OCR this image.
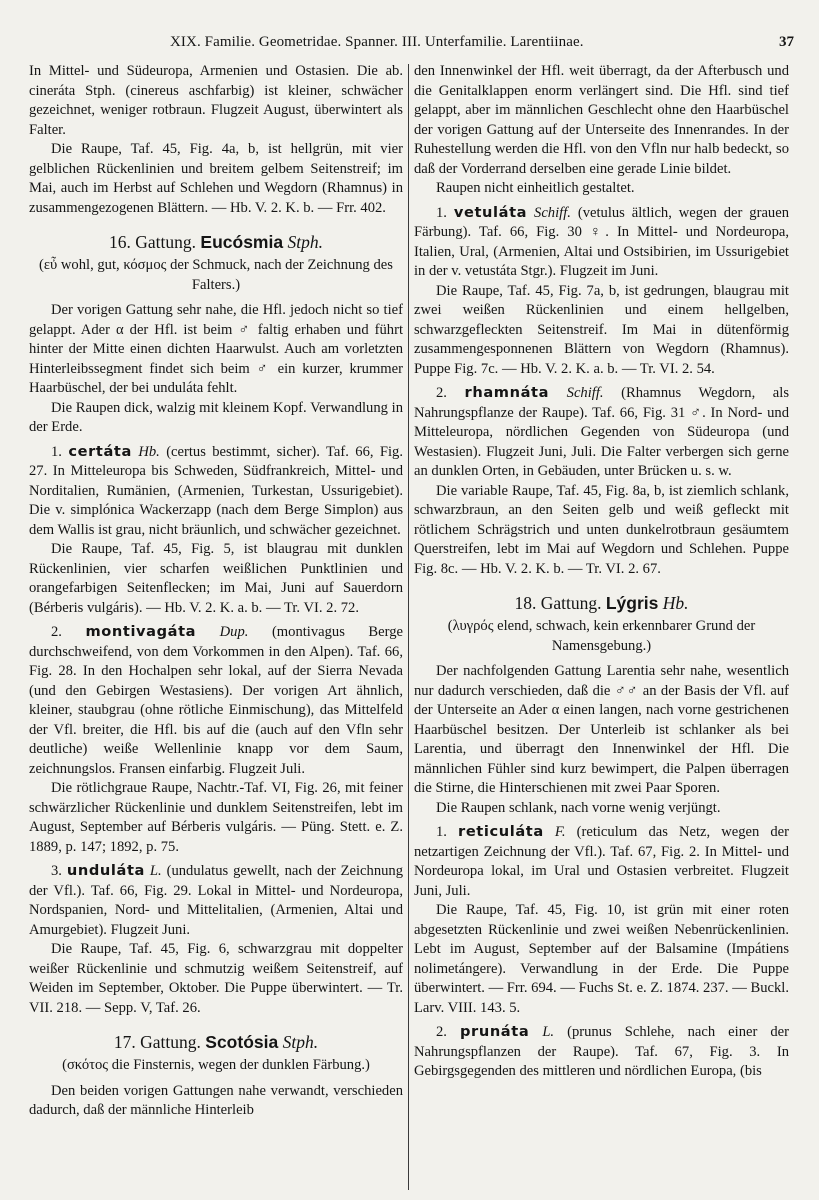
XIX. Familie. Geometridae. Spanner. III. Unterfamilie. Larentiinae.	37

In Mittel- und Südeuropa, Armenien und Ostasien. Die ab. cineráta Stph. (cinereus aschfarbig) ist kleiner, schwächer gezeichnet, weniger rotbraun. Flugzeit August, überwintert als Falter.

Die Raupe, Taf. 45, Fig. 4a, b, ist hellgrün, mit vier gelblichen Rückenlinien und breitem gelbem Seitenstreif; im Mai, auch im Herbst auf Schlehen und Wegdorn (Rhamnus) in zusammengezogenen Blättern. — Hb. V. 2. K. b. — Frr. 402.

16. Gattung. Eucósmia Stph.

(εὖ wohl, gut, κόσμος der Schmuck, nach der Zeichnung des Falters.)

Der vorigen Gattung sehr nahe, die Hfl. jedoch nicht so tief gelappt. Ader α der Hfl. ist beim ♂ faltig erhaben und führt hinter der Mitte einen dichten Haarwulst. Auch am vorletzten Hinterleibssegment findet sich beim ♂ ein kurzer, krummer Haarbüschel, der bei unduláta fehlt.

Die Raupen dick, walzig mit kleinem Kopf. Verwandlung in der Erde.

1. certáta Hb. (certus bestimmt, sicher). Taf. 66, Fig. 27. In Mitteleuropa bis Schweden, Südfrankreich, Mittel- und Norditalien, Rumänien, (Armenien, Turkestan, Ussurigebiet). Die v. simplónica Wackerzapp (nach dem Berge Simplon) aus dem Wallis ist grau, nicht bräunlich, und schwächer gezeichnet.

Die Raupe, Taf. 45, Fig. 5, ist blaugrau mit dunklen Rückenlinien, vier scharfen weißlichen Punktlinien und orangefarbigen Seitenflecken; im Mai, Juni auf Sauerdorn (Bérberis vulgáris). — Hb. V. 2. K. a. b. — Tr. VI. 2. 72.

2. montivagáta Dup. (montivagus Berge durchschweifend, von dem Vorkommen in den Alpen). Taf. 66, Fig. 28. In den Hochalpen sehr lokal, auf der Sierra Nevada (und den Gebirgen Westasiens). Der vorigen Art ähnlich, kleiner, staubgrau (ohne rötliche Einmischung), das Mittelfeld der Vfl. breiter, die Hfl. bis auf die (auch auf den Vfln sehr deutliche) weiße Wellenlinie knapp vor dem Saum, zeichnungslos. Fransen einfarbig. Flugzeit Juli.

Die rötlichgraue Raupe, Nachtr.-Taf. VI, Fig. 26, mit feiner schwärzlicher Rückenlinie und dunklem Seitenstreifen, lebt im August, September auf Bérberis vulgáris. — Püng. Stett. e. Z. 1889, p. 147; 1892, p. 75.

3. unduláta L. (undulatus gewellt, nach der Zeichnung der Vfl.). Taf. 66, Fig. 29. Lokal in Mittel- und Nordeuropa, Nordspanien, Nord- und Mittelitalien, (Armenien, Altai und Amurgebiet). Flugzeit Juni.

Die Raupe, Taf. 45, Fig. 6, schwarzgrau mit doppelter weißer Rückenlinie und schmutzig weißem Seitenstreif, auf Weiden im September, Oktober. Die Puppe überwintert. — Tr. VII. 218. — Sepp. V, Taf. 26.

17. Gattung. Scotósia Stph.

(σκότος die Finsternis, wegen der dunklen Färbung.)

Den beiden vorigen Gattungen nahe verwandt, verschieden dadurch, daß der männliche Hinterleib

den Innenwinkel der Hfl. weit überragt, da der Afterbusch und die Genitalklappen enorm verlängert sind. Die Hfl. sind tief gelappt, aber im männlichen Geschlecht ohne den Haarbüschel der vorigen Gattung auf der Unterseite des Innenrandes. In der Ruhestellung werden die Hfl. von den Vfln nur halb bedeckt, so daß der Vorderrand derselben eine gerade Linie bildet.

Raupen nicht einheitlich gestaltet.

1. vetuláta Schiff. (vetulus ältlich, wegen der grauen Färbung). Taf. 66, Fig. 30 ♀. In Mittel- und Nordeuropa, Italien, Ural, (Armenien, Altai und Ostsibirien, im Ussurigebiet in der v. vetustáta Stgr.). Flugzeit im Juni.

Die Raupe, Taf. 45, Fig. 7a, b, ist gedrungen, blaugrau mit zwei weißen Rückenlinien und einem hellgelben, schwarzgefleckten Seitenstreif. Im Mai in dütenförmig zusammengesponnenen Blättern von Wegdorn (Rhamnus). Puppe Fig. 7c. — Hb. V. 2. K. a. b. — Tr. VI. 2. 54.

2. rhamnáta Schiff. (Rhamnus Wegdorn, als Nahrungspflanze der Raupe). Taf. 66, Fig. 31 ♂. In Nord- und Mitteleuropa, nördlichen Gegenden von Südeuropa (und Westasien). Flugzeit Juni, Juli. Die Falter verbergen sich gerne an dunklen Orten, in Gebäuden, unter Brücken u. s. w.

Die variable Raupe, Taf. 45, Fig. 8a, b, ist ziemlich schlank, schwarzbraun, an den Seiten gelb und weiß gefleckt mit rötlichem Schrägstrich und unten dunkelrotbraun gesäumtem Querstreifen, lebt im Mai auf Wegdorn und Schlehen. Puppe Fig. 8c. — Hb. V. 2. K. b. — Tr. VI. 2. 67.

18. Gattung. Lýgris Hb.

(λυγρός elend, schwach, kein erkennbarer Grund der Namensgebung.)

Der nachfolgenden Gattung Larentia sehr nahe, wesentlich nur dadurch verschieden, daß die ♂♂ an der Basis der Vfl. auf der Unterseite an Ader α einen langen, nach vorne gestrichenen Haarbüschel besitzen. Der Unterleib ist schlanker als bei Larentia, und überragt den Innenwinkel der Hfl. Die männlichen Fühler sind kurz bewimpert, die Palpen überragen die Stirne, die Hinterschienen mit zwei Paar Sporen.

Die Raupen schlank, nach vorne wenig verjüngt.

1. reticuláta F. (reticulum das Netz, wegen der netzartigen Zeichnung der Vfl.). Taf. 67, Fig. 2. In Mittel- und Nordeuropa lokal, im Ural und Ostasien verbreitet. Flugzeit Juni, Juli.

Die Raupe, Taf. 45, Fig. 10, ist grün mit einer roten abgesetzten Rückenlinie und zwei weißen Nebenrückenlinien. Lebt im August, September auf der Balsamine (Impátiens nolimetángere). Verwandlung in der Erde. Die Puppe überwintert. — Frr. 694. — Fuchs St. e. Z. 1874. 237. — Buckl. Larv. VIII. 143. 5.

2. prunáta L. (prunus Schlehe, nach einer der Nahrungspflanzen der Raupe). Taf. 67, Fig. 3. In Gebirgsgegenden des mittleren und nördlichen Europa, (bis
